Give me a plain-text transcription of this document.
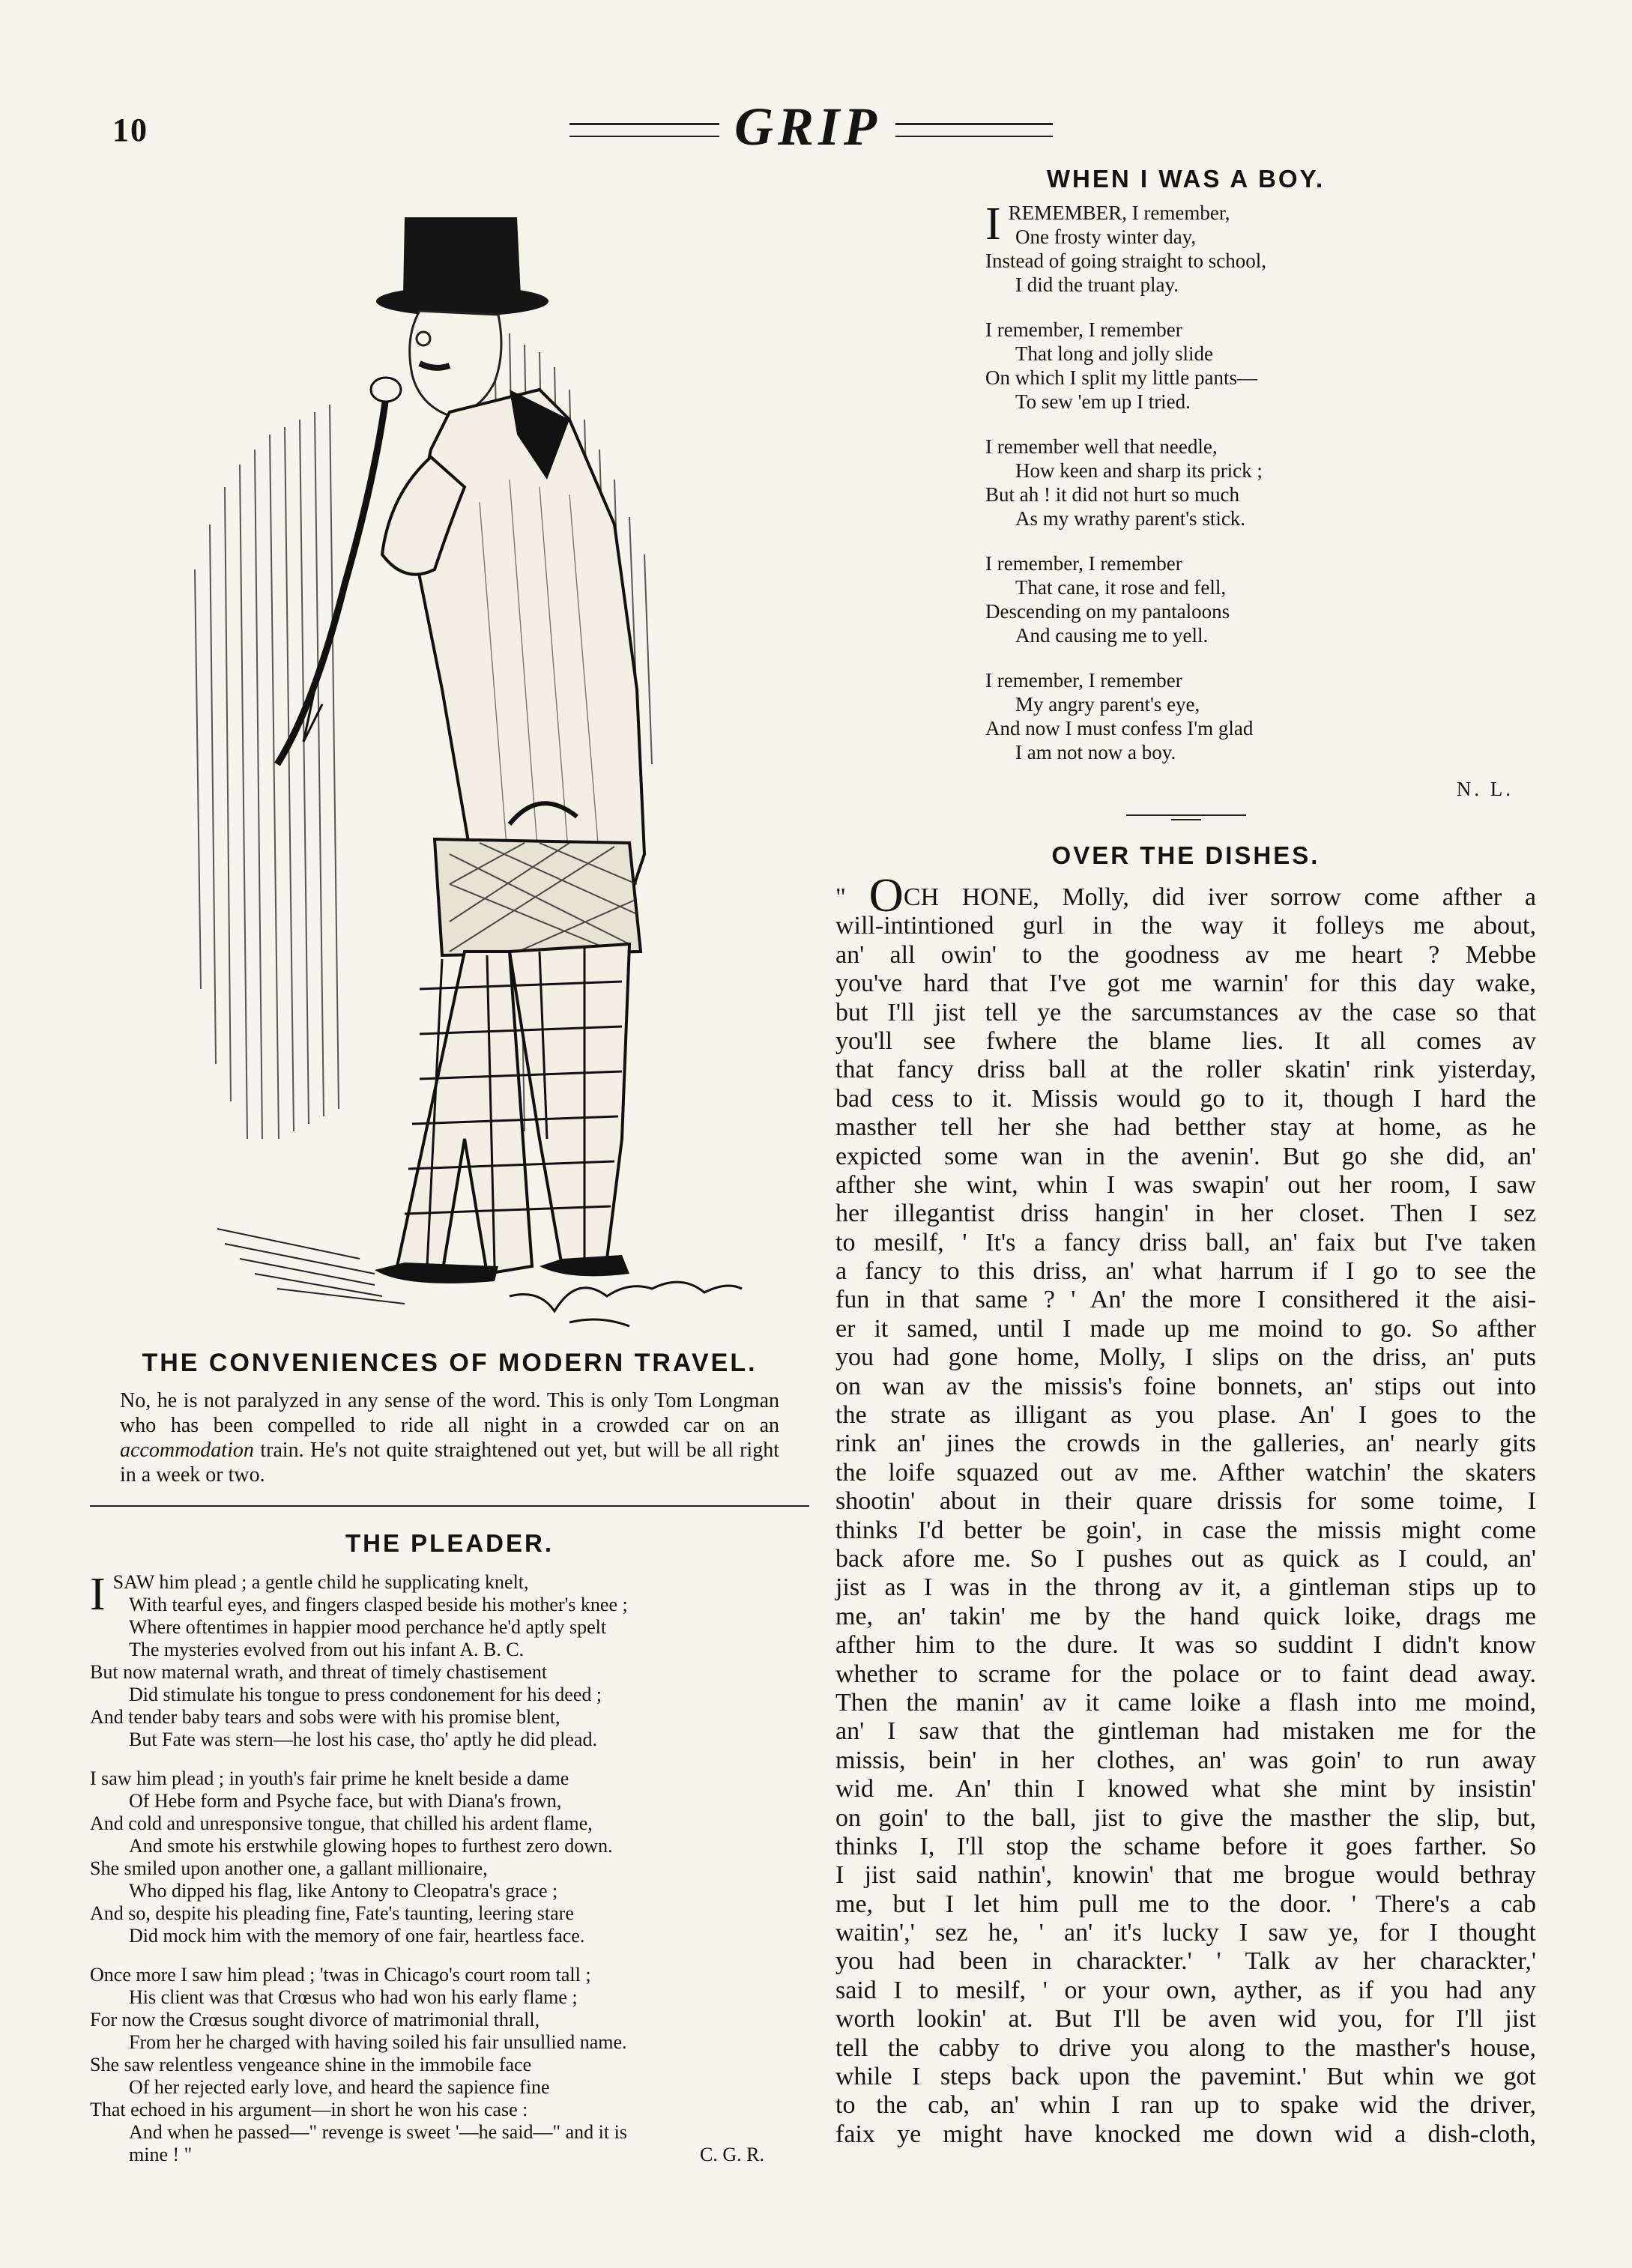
10	GRIP
THE CONVENIENCES OF MODERN TRAVEL.
No, he is not paralyzed in any sense of the word. This is only Tom Longman who has been compelled to ride all night in a crowded car on an accommodation train. He's not quite straightened out yet, but will be all right in a week or two.
THE PLEADER.
ISAW him plead ; a gentle child he supplicating knelt,
With tearful eyes, and fingers clasped beside his mother's knee ;
Where oftentimes in happier mood perchance he'd aptly spelt
The mysteries evolved from out his infant A. B. C.
But now maternal wrath, and threat of timely chastisement
Did stimulate his tongue to press condonement for his deed ;
And tender baby tears and sobs were with his promise blent,
But Fate was stern—he lost his case, tho' aptly he did plead.
I saw him plead ; in youth's fair prime he knelt beside a dame
Of Hebe form and Psyche face, but with Diana's frown,
And cold and unresponsive tongue, that chilled his ardent flame,
And smote his erstwhile glowing hopes to furthest zero down.
She smiled upon another one, a gallant millionaire,
Who dipped his flag, like Antony to Cleopatra's grace ;
And so, despite his pleading fine, Fate's taunting, leering stare
Did mock him with the memory of one fair, heartless face.
Once more I saw him plead ; 'twas in Chicago's court room tall ;
His client was that Crœsus who had won his early flame ;
For now the Crœsus sought divorce of matrimonial thrall,
From her he charged with having soiled his fair unsullied name.
She saw relentless vengeance shine in the immobile face
Of her rejected early love, and heard the sapience fine
That echoed in his argument—in short he won his case :
And when he passed—" revenge is sweet '—he said—" and it is
mine ! "	C. G. R.
WHEN I WAS A BOY.
IREMEMBER, I remember,
One frosty winter day,
Instead of going straight to school,
I did the truant play.
I remember, I remember
That long and jolly slide
On which I split my little pants—
To sew 'em up I tried.
I remember well that needle,
How keen and sharp its prick ;
But ah ! it did not hurt so much
As my wrathy parent's stick.
I remember, I remember
That cane, it rose and fell,
Descending on my pantaloons
And causing me to yell.
I remember, I remember
My angry parent's eye,
And now I must confess I'm glad
I am not now a boy.
N. L.
OVER THE DISHES.
" OCH HONE, Molly, did iver sorrow come afther a
will-intintioned gurl in the way it folleys me about,
an' all owin' to the goodness av me heart ? Mebbe
you've hard that I've got me warnin' for this day wake,
but I'll jist tell ye the sarcumstances av the case so that
you'll see fwhere the blame lies. It all comes av
that fancy driss ball at the roller skatin' rink yisterday,
bad cess to it. Missis would go to it, though I hard the
masther tell her she had betther stay at home, as he
expicted some wan in the avenin'. But go she did, an'
afther she wint, whin I was swapin' out her room, I saw
her illegantist driss hangin' in her closet. Then I sez
to mesilf, ' It's a fancy driss ball, an' faix but I've taken
a fancy to this driss, an' what harrum if I go to see the
fun in that same ? ' An' the more I consithered it the aisi-
er it samed, until I made up me moind to go. So afther
you had gone home, Molly, I slips on the driss, an' puts
on wan av the missis's foine bonnets, an' stips out into
the strate as illigant as you plase. An' I goes to the
rink an' jines the crowds in the galleries, an' nearly gits
the loife squazed out av me. Afther watchin' the skaters
shootin' about in their quare drissis for some toime, I
thinks I'd better be goin', in case the missis might come
back afore me. So I pushes out as quick as I could, an'
jist as I was in the throng av it, a gintleman stips up to
me, an' takin' me by the hand quick loike, drags me
afther him to the dure. It was so suddint I didn't know
whether to scrame for the polace or to faint dead away.
Then the manin' av it came loike a flash into me moind,
an' I saw that the gintleman had mistaken me for the
missis, bein' in her clothes, an' was goin' to run away
wid me. An' thin I knowed what she mint by insistin'
on goin' to the ball, jist to give the masther the slip, but,
thinks I, I'll stop the schame before it goes farther. So
I jist said nathin', knowin' that me brogue would bethray
me, but I let him pull me to the door. ' There's a cab
waitin',' sez he, ' an' it's lucky I saw ye, for I thought
you had been in charackter.' ' Talk av her charackter,'
said I to mesilf, ' or your own, ayther, as if you had any
worth lookin' at. But I'll be aven wid you, for I'll jist
tell the cabby to drive you along to the masther's house,
while I steps back upon the pavemint.' But whin we got
to the cab, an' whin I ran up to spake wid the driver,
faix ye might have knocked me down wid a dish-cloth,
